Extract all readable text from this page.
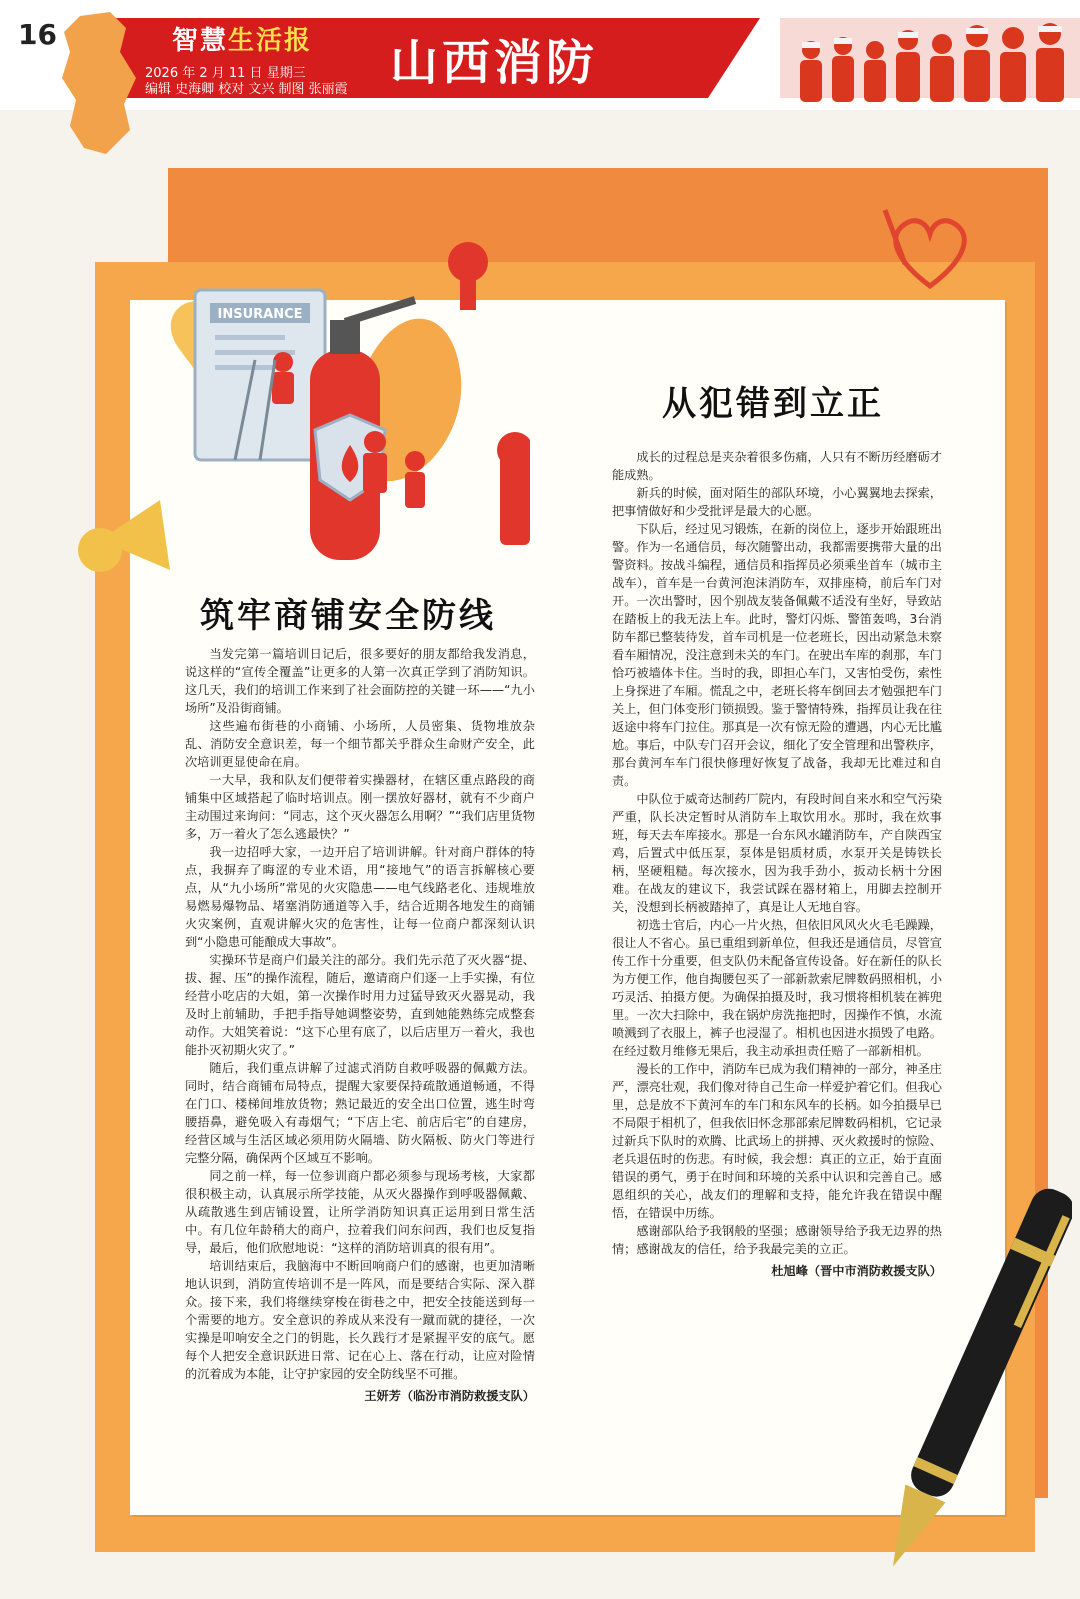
16	智慧生活报
2026 年 2 月 11 日 星期三
编辑 史海卿 校对 文兴 制图 张丽霞 山西消防
INSURANCE
筑牢商铺安全防线

当发完第一篇培训日记后，很多要好的朋友都给我发消息，说这样的“宣传全覆盖”让更多的人第一次真正学到了消防知识。这几天，我们的培训工作来到了社会面防控的关键一环——“九小场所”及沿街商铺。

这些遍布街巷的小商铺、小场所，人员密集、货物堆放杂乱、消防安全意识差，每一个细节都关乎群众生命财产安全，此次培训更显使命在肩。

一大早，我和队友们便带着实操器材，在辖区重点路段的商铺集中区域搭起了临时培训点。刚一摆放好器材，就有不少商户主动围过来询问：“同志，这个灭火器怎么用啊？”“我们店里货物多，万一着火了怎么逃最快？”

我一边招呼大家，一边开启了培训讲解。针对商户群体的特点，我摒弃了晦涩的专业术语，用“接地气”的语言拆解核心要点，从“九小场所”常见的火灾隐患——电气线路老化、违规堆放易燃易爆物品、堵塞消防通道等入手，结合近期各地发生的商铺火灾案例，直观讲解火灾的危害性，让每一位商户都深刻认识到“小隐患可能酿成大事故”。

实操环节是商户们最关注的部分。我们先示范了灭火器“提、拔、握、压”的操作流程，随后，邀请商户们逐一上手实操，有位经营小吃店的大姐，第一次操作时用力过猛导致灭火器晃动，我及时上前辅助，手把手指导她调整姿势，直到她能熟练完成整套动作。大姐笑着说：“这下心里有底了，以后店里万一着火，我也能扑灭初期火灾了。”

随后，我们重点讲解了过滤式消防自救呼吸器的佩戴方法。同时，结合商铺布局特点，提醒大家要保持疏散通道畅通，不得在门口、楼梯间堆放货物；熟记最近的安全出口位置，逃生时弯腰捂鼻，避免吸入有毒烟气；“下店上宅、前店后宅”的自建房，经营区域与生活区域必须用防火隔墙、防火隔板、防火门等进行完整分隔，确保两个区域互不影响。

同之前一样，每一位参训商户都必须参与现场考核，大家都很积极主动，认真展示所学技能，从灭火器操作到呼吸器佩戴、从疏散逃生到店铺设置，让所学消防知识真正运用到日常生活中。有几位年龄稍大的商户，拉着我们问东问西，我们也反复指导，最后，他们欣慰地说：“这样的消防培训真的很有用”。

培训结束后，我脑海中不断回响商户们的感谢，也更加清晰地认识到，消防宣传培训不是一阵风，而是要结合实际、深入群众。接下来，我们将继续穿梭在街巷之中，把安全技能送到每一个需要的地方。安全意识的养成从来没有一蹴而就的捷径，一次实操是叩响安全之门的钥匙，长久践行才是紧握平安的底气。愿每个人把安全意识跃进日常、记在心上、落在行动，让应对险情的沉着成为本能，让守护家园的安全防线坚不可摧。

王妍芳（临汾市消防救援支队）

从犯错到立正

成长的过程总是夹杂着很多伤痛，人只有不断历经磨砺才能成熟。

新兵的时候，面对陌生的部队环境，小心翼翼地去探索，把事情做好和少受批评是最大的心愿。

下队后，经过见习锻炼，在新的岗位上，逐步开始跟班出警。作为一名通信员，每次随警出动，我都需要携带大量的出警资料。按战斗编程，通信员和指挥员必须乘坐首车（城市主战车），首车是一台黄河泡沫消防车，双排座椅，前后车门对开。一次出警时，因个别战友装备佩戴不适没有坐好，导致站在踏板上的我无法上车。此时，警灯闪烁、警笛轰鸣，3台消防车都已整装待发，首车司机是一位老班长，因出动紧急未察看车厢情况，没注意到未关的车门。在驶出车库的刹那，车门恰巧被墙体卡住。当时的我，即担心车门，又害怕受伤，索性上身探进了车厢。慌乱之中，老班长将车倒回去才勉强把车门关上，但门体变形门锁损毁。鉴于警情特殊，指挥员让我在往返途中将车门拉住。那真是一次有惊无险的遭遇，内心无比尴尬。事后，中队专门召开会议，细化了安全管理和出警秩序，那台黄河车车门很快修理好恢复了战备，我却无比难过和自责。

中队位于威奇达制药厂院内，有段时间自来水和空气污染严重，队长决定暂时从消防车上取饮用水。那时，我在炊事班，每天去车库接水。那是一台东风水罐消防车，产自陕西宝鸡，后置式中低压泵，泵体是铝质材质，水泵开关是铸铁长柄，坚硬粗糙。每次接水，因为我手劲小，扳动长柄十分困难。在战友的建议下，我尝试踩在器材箱上，用脚去控制开关，没想到长柄被踏掉了，真是让人无地自容。

初选士官后，内心一片火热，但依旧风风火火毛毛躁躁，很让人不省心。虽已重组到新单位，但我还是通信员，尽管宣传工作十分重要，但支队仍未配备宣传设备。好在新任的队长为方便工作，他自掏腰包买了一部新款索尼牌数码照相机，小巧灵活、拍摄方便。为确保拍摄及时，我习惯将相机装在裤兜里。一次大扫除中，我在锅炉房洗拖把时，因操作不慎，水流喷溅到了衣服上，裤子也浸湿了。相机也因进水损毁了电路。在经过数月维修无果后，我主动承担责任赔了一部新相机。

漫长的工作中，消防车已成为我们精神的一部分，神圣庄严，漂亮壮观，我们像对待自己生命一样爱护着它们。但我心里，总是放不下黄河车的车门和东风车的长柄。如今拍摄早已不局限于相机了，但我依旧怀念那部索尼牌数码相机，它记录过新兵下队时的欢腾、比武场上的拼搏、灭火救援时的惊险、老兵退伍时的伤悲。有时候，我会想：真正的立正，始于直面错误的勇气，勇于在时间和环境的关系中认识和完善自己。感恩组织的关心，战友们的理解和支持，能允许我在错误中醒悟，在错误中历练。

感谢部队给予我钢般的坚强；感谢领导给予我无边界的热情；感谢战友的信任，给予我最完美的立正。

杜旭峰（晋中市消防救援支队）
